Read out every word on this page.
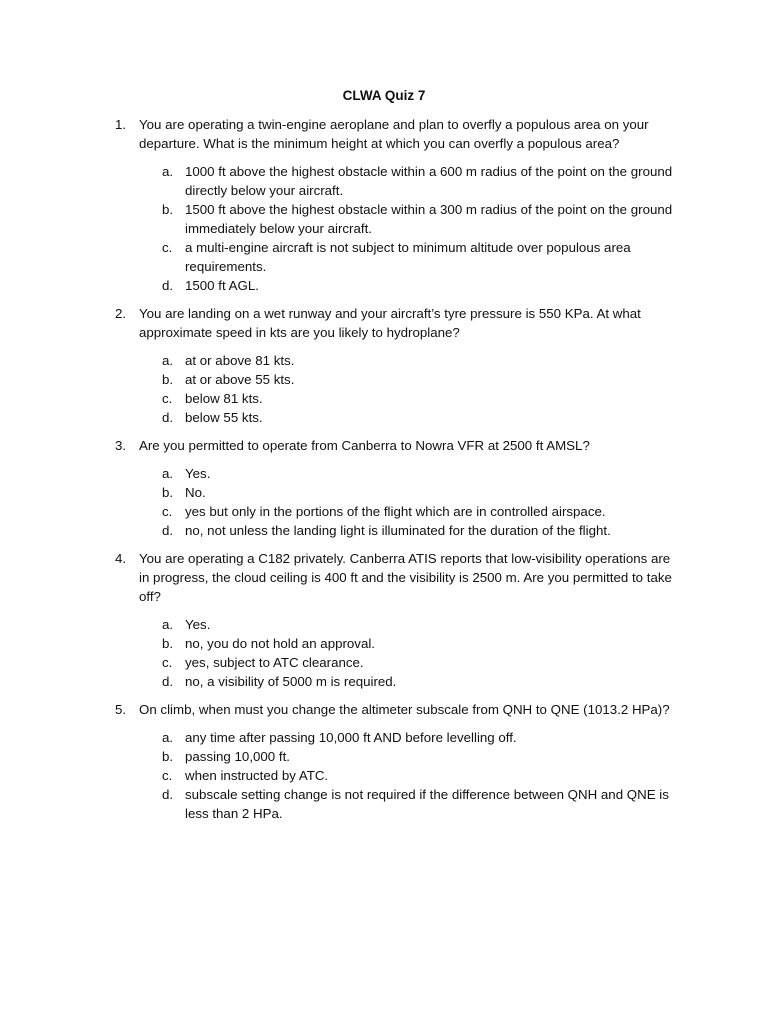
CLWA Quiz 7
1. You are operating a twin-engine aeroplane and plan to overfly a populous area on your departure. What is the minimum height at which you can overfly a populous area?
a. 1000 ft above the highest obstacle within a 600 m radius of the point on the ground directly below your aircraft.
b. 1500 ft above the highest obstacle within a 300 m radius of the point on the ground immediately below your aircraft.
c. a multi-engine aircraft is not subject to minimum altitude over populous area requirements.
d. 1500 ft AGL.
2. You are landing on a wet runway and your aircraft’s tyre pressure is 550 KPa. At what approximate speed in kts are you likely to hydroplane?
a. at or above 81 kts.
b. at or above 55 kts.
c. below 81 kts.
d. below 55 kts.
3. Are you permitted to operate from Canberra to Nowra VFR at 2500 ft AMSL?
a. Yes.
b. No.
c. yes but only in the portions of the flight which are in controlled airspace.
d. no, not unless the landing light is illuminated for the duration of the flight.
4. You are operating a C182 privately. Canberra ATIS reports that low-visibility operations are in progress, the cloud ceiling is 400 ft and the visibility is 2500 m. Are you permitted to take off?
a. Yes.
b. no, you do not hold an approval.
c. yes, subject to ATC clearance.
d. no, a visibility of 5000 m is required.
5. On climb, when must you change the altimeter subscale from QNH to QNE (1013.2 HPa)?
a. any time after passing 10,000 ft AND before levelling off.
b. passing 10,000 ft.
c. when instructed by ATC.
d. subscale setting change is not required if the difference between QNH and QNE is less than 2 HPa.
